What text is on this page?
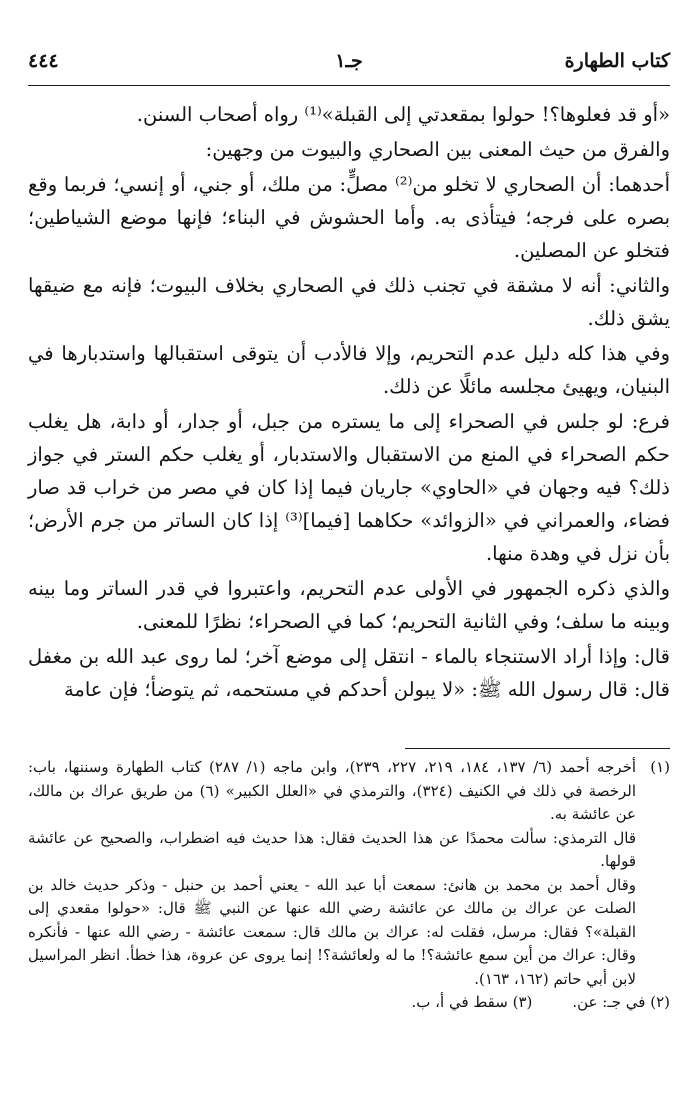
كتاب الطهارة
جـ١
٤٤٤

«أو قد فعلوها؟! حولوا بمقعدتي إلى القبلة»⁽¹⁾ رواه أصحاب السنن.

والفرق من حيث المعنى بين الصحاري والبيوت من وجهين:

أحدهما: أن الصحاري لا تخلو من⁽²⁾ مصلٍّ: من ملك، أو جني، أو إنسي؛ فربما وقع بصره على فرجه؛ فيتأذى به. وأما الحشوش في البناء؛ فإنها موضع الشياطين؛ فتخلو عن المصلين.

والثاني: أنه لا مشقة في تجنب ذلك في الصحاري بخلاف البيوت؛ فإنه مع ضيقها يشق ذلك.

وفي هذا كله دليل عدم التحريم، وإلا فالأدب أن يتوقى استقبالها واستدبارها في البنيان، ويهيئ مجلسه مائلًا عن ذلك.

فرع: لو جلس في الصحراء إلى ما يستره من جبل، أو جدار، أو دابة، هل يغلب حكم الصحراء في المنع من الاستقبال والاستدبار، أو يغلب حكم الستر في جواز ذلك؟ فيه وجهان في «الحاوي» جاريان فيما إذا كان في مصر من خراب قد صار فضاء، والعمراني في «الزوائد» حكاهما [فيما]⁽³⁾ إذا كان الساتر من جرم الأرض؛ بأن نزل في وهدة منها.

والذي ذكره الجمهور في الأولى عدم التحريم، واعتبروا في قدر الساتر وما بينه وبينه ما سلف؛ وفي الثانية التحريم؛ كما في الصحراء؛ نظرًا للمعنى.

قال: وإذا أراد الاستنجاء بالماء - انتقل إلى موضع آخر؛ لما روى عبد الله بن مغفل قال: قال رسول الله ﷺ: «لا يبولن أحدكم في مستحمه، ثم يتوضأ؛ فإن عامة

(١)
أخرجه أحمد (٦/ ١٣٧، ١٨٤، ٢١٩، ٢٢٧، ٢٣٩)، وابن ماجه (١/ ٢٨٧) كتاب الطهارة وسننها، باب: الرخصة في ذلك في الكنيف (٣٢٤)، والترمذي في «العلل الكبير» (٦) من طريق عراك بن مالك، عن عائشة به.

قال الترمذي: سألت محمدًا عن هذا الحديث فقال: هذا حديث فيه اضطراب، والصحيح عن عائشة قولها.

وقال أحمد بن محمد بن هانئ: سمعت أبا عبد الله - يعني أحمد بن حنبل - وذكر حديث خالد بن الصلت عن عراك بن مالك عن عائشة رضي الله عنها عن النبي ﷺ قال: «حولوا مقعدي إلى القبلة»؟ فقال: مرسل، فقلت له: عراك بن مالك قال: سمعت عائشة - رضي الله عنها - فأنكره وقال: عراك من أين سمع عائشة؟! ما له ولعائشة؟! إنما يروى عن عروة، هذا خطأ. انظر المراسيل لابن أبي حاتم (١٦٢، ١٦٣).

(٢) في جـ: عن.
(٣) سقط في أ، ب.
